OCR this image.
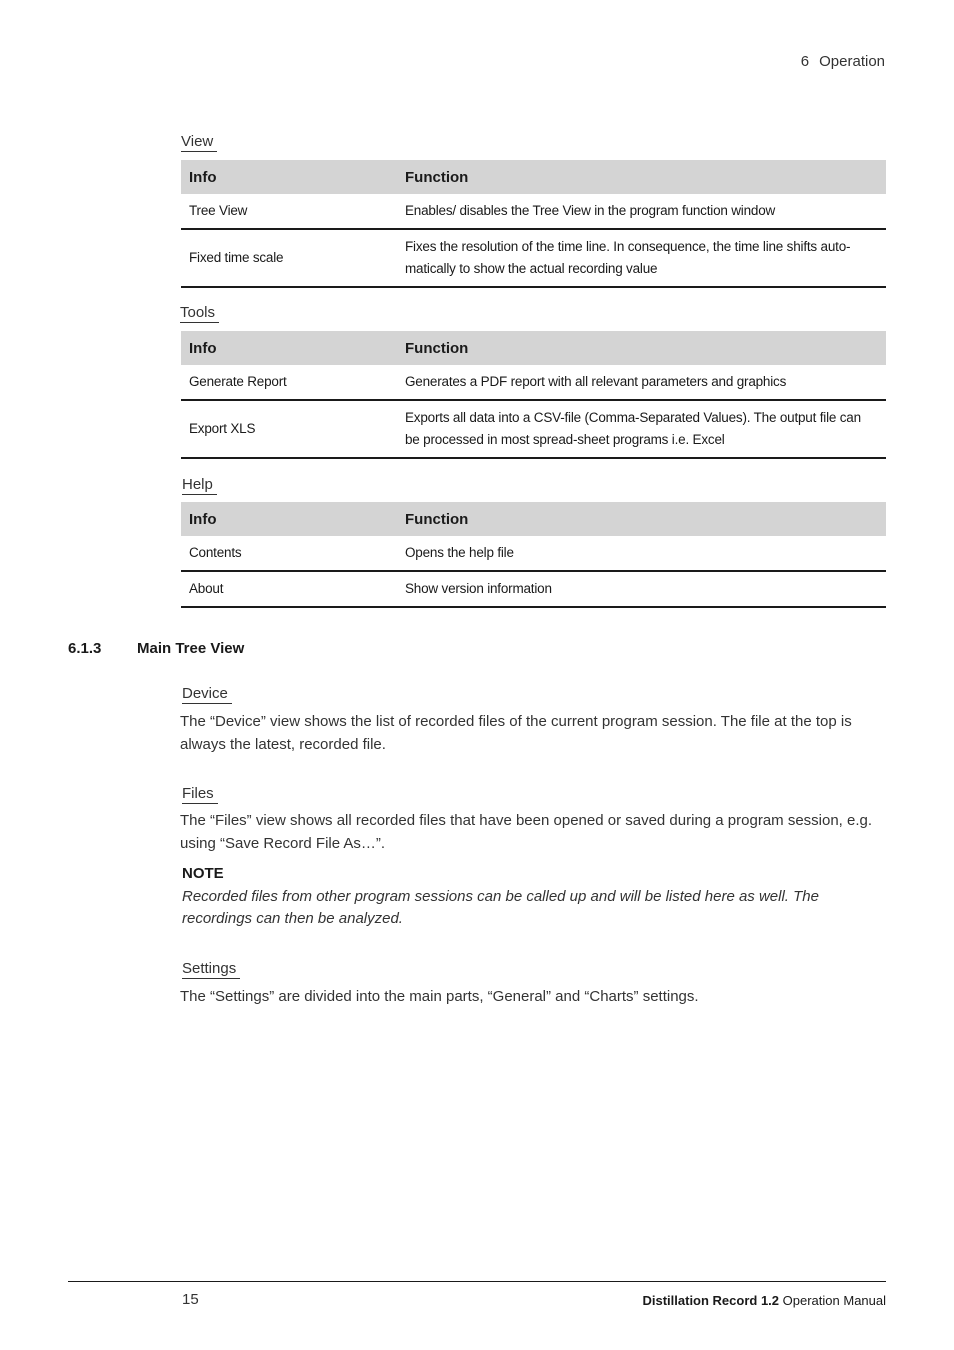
6 Operation
View
Info	Function
Tree View	Enables/ disables the Tree View in the program function window
Fixed time scale	Fixes the resolution of the time line. In consequence, the time line shifts auto-matically to show the actual recording value
Tools
Info	Function
Generate Report	Generates a PDF report with all relevant parameters and graphics
Export XLS	Exports all data into a CSV-file (Comma-Separated Values). The output file can be processed in most spread-sheet programs i.e. Excel
Help
Info	Function
Contents	Opens the help file
About	Show version information
6.1.3 Main Tree View
Device
The “Device” view shows the list of recorded files of the current program session. The file at the top is always the latest, recorded file.
Files
The “Files” view shows all recorded files that have been opened or saved during a program session, e.g. using “Save Record File As…”.
NOTE
Recorded files from other program sessions can be called up and will be listed here as well. The recordings can then be analyzed.
Settings
The “Settings” are divided into the main parts, “General” and “Charts” settings.
15	Distillation Record 1.2 Operation Manual
